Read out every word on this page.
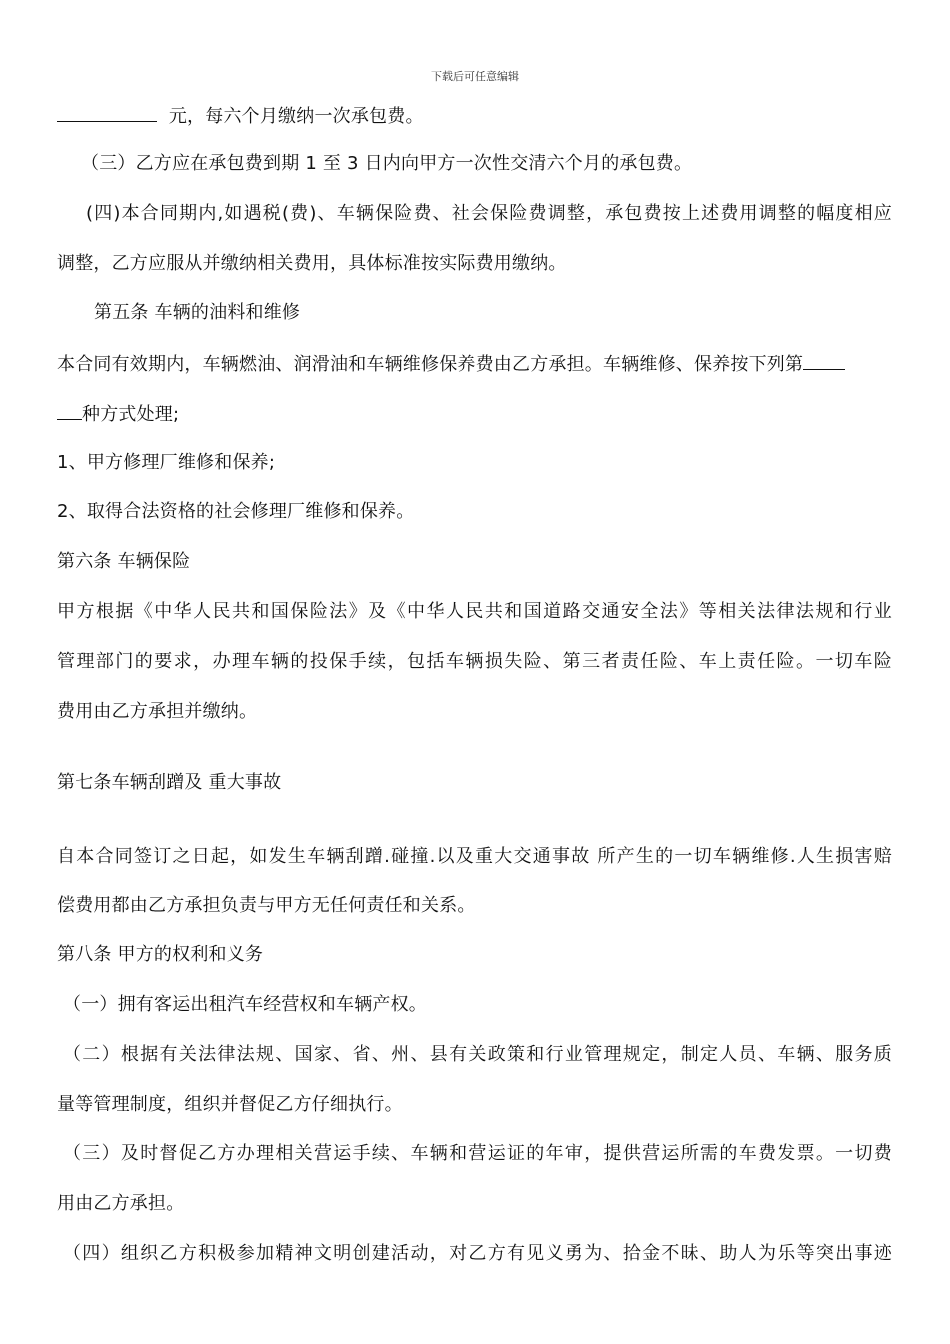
下载后可任意编辑
元，每六个月缴纳一次承包费。
（三）乙方应在承包费到期 1 至 3 日内向甲方一次性交清六个月的承包费。
(四)本合同期内,如遇税(费)、车辆保险费、社会保险费调整，承包费按上述费用调整的幅度相应
调整，乙方应服从并缴纳相关费用，具体标准按实际费用缴纳。
第五条 车辆的油料和维修
本合同有效期内，车辆燃油、润滑油和车辆维修保养费由乙方承担。车辆维修、保养按下列第
种方式处理;
1、甲方修理厂维修和保养;
2、取得合法资格的社会修理厂维修和保养。
第六条 车辆保险
甲方根据《中华人民共和国保险法》及《中华人民共和国道路交通安全法》等相关法律法规和行业
管理部门的要求，办理车辆的投保手续，包括车辆损失险、第三者责任险、车上责任险。一切车险
费用由乙方承担并缴纳。
第七条车辆刮蹭及 重大事故
自本合同签订之日起，如发生车辆刮蹭.碰撞.以及重大交通事故 所产生的一切车辆维修.人生损害赔
偿费用都由乙方承担负责与甲方无任何责任和关系。
第八条 甲方的权利和义务
（一）拥有客运出租汽车经营权和车辆产权。
（二）根据有关法律法规、国家、省、州、县有关政策和行业管理规定，制定人员、车辆、服务质
量等管理制度，组织并督促乙方仔细执行。
（三）及时督促乙方办理相关营运手续、车辆和营运证的年审，提供营运所需的车费发票。一切费
用由乙方承担。
（四）组织乙方积极参加精神文明创建活动，对乙方有见义勇为、拾金不昧、助人为乐等突出事迹
